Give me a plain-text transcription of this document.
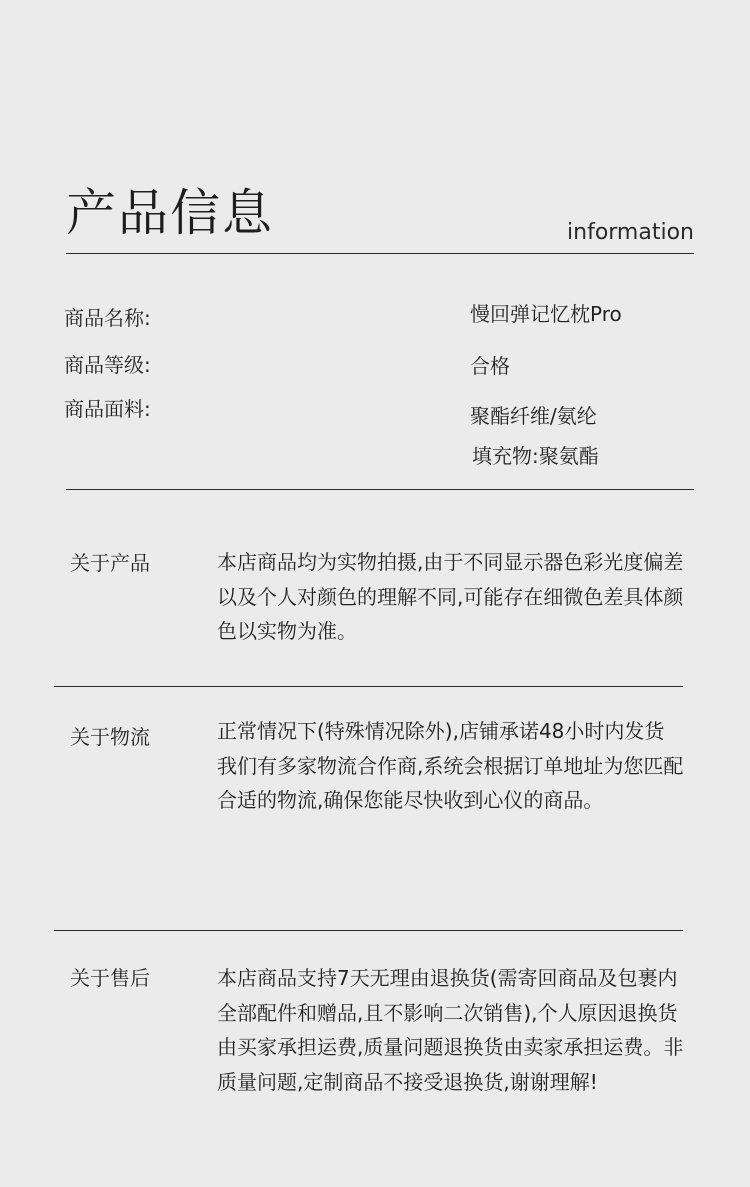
产品信息	information
商品名称:	慢回弹记忆枕Pro
商品等级:	合格
商品面料:	聚酯纤维/氨纶
填充物:聚氨酯
关于产品	本店商品均为实物拍摄,由于不同显示器色彩光度偏差以及个人对颜色的理解不同,可能存在细微色差具体颜色以实物为准。

关于物流	正常情况下(特殊情况除外),店铺承诺48小时内发货

我们有多家物流合作商,系统会根据订单地址为您匹配合适的物流,确保您能尽快收到心仪的商品。

关于售后	本店商品支持7天无理由退换货(需寄回商品及包裹内全部配件和赠品,且不影响二次销售),个人原因退换货由买家承担运费,质量问题退换货由卖家承担运费。非质量问题,定制商品不接受退换货,谢谢理解!
